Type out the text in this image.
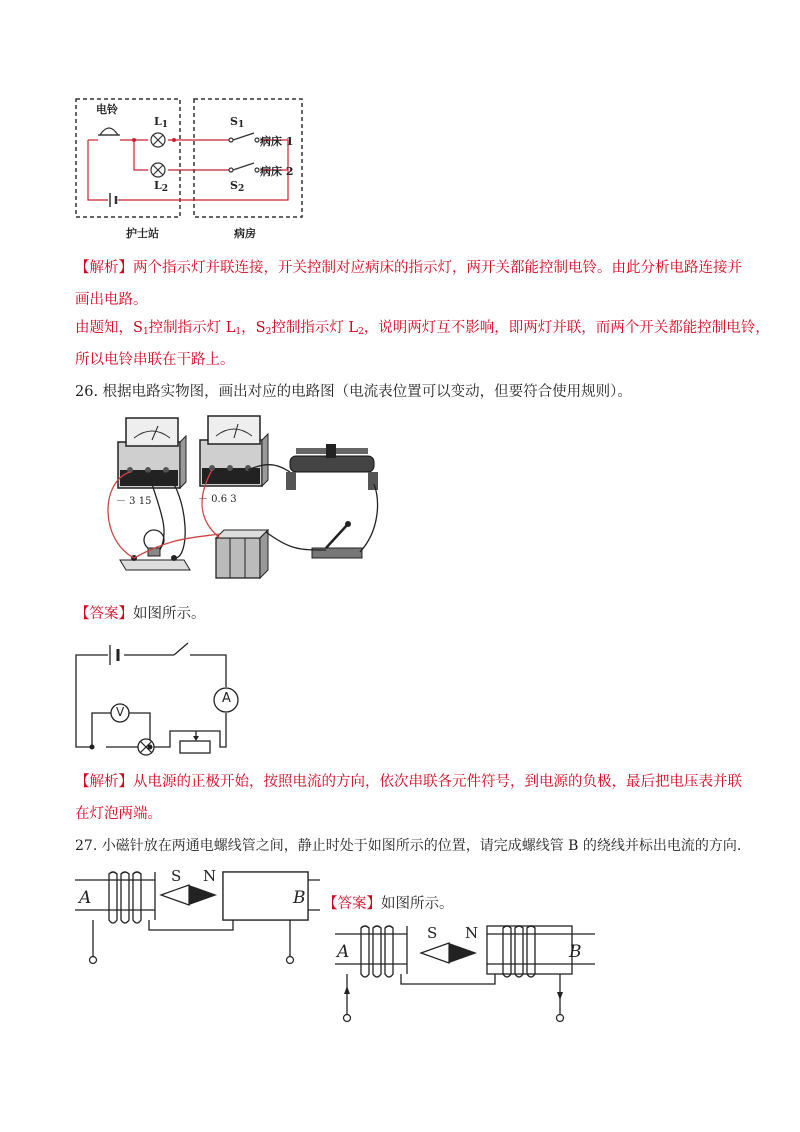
电铃
$L_1$
$L_2$
$S_1$
$S_2$
病床 1
病床 2
护士站	病房
【解析】两个指示灯并联连接，开关控制对应病床的指示灯，两开关都能控制电铃。由此分析电路连接并
画出电路。
由题知，$S_1$控制指示灯 $L_1$，$S_2$控制指示灯 $L_2$，说明两灯互不影响，即两灯并联，而两个开关都能控制电铃，
所以电铃串联在干路上。
26. 根据电路实物图，画出对应的电路图（电流表位置可以变动，但要符合使用规则）。
－ 3 15	－ 0.6 3
【答案】如图所示。
V
A
【解析】从电源的正极开始，按照电流的方向，依次串联各元件符号，到电源的负极，最后把电压表并联
在灯泡两端。
27. 小磁针放在两通电螺线管之间，静止时处于如图所示的位置，请完成螺线管 B 的绕线并标出电流的方向.
A	B
S N
【答案】如图所示。
A	B
S N
